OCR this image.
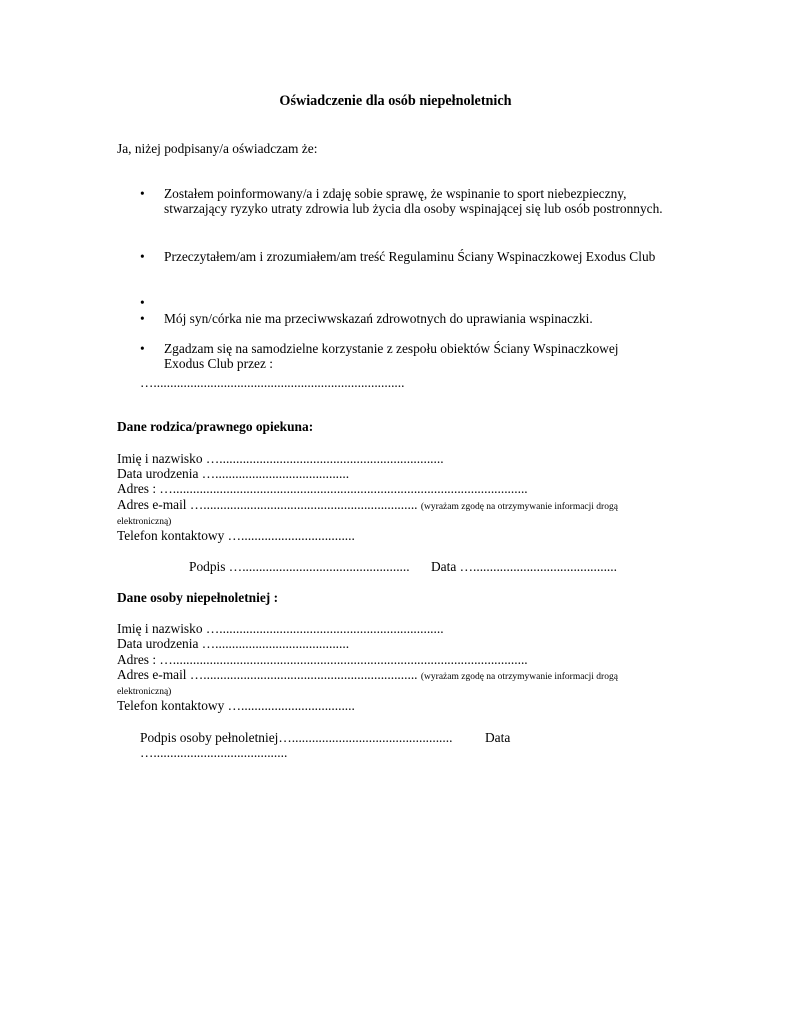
Oświadczenie dla osób niepełnoletnich
Ja, niżej podpisany/a oświadczam że:
• Zostałem poinformowany/a i zdaję sobie sprawę, że wspinanie to sport niebezpieczny, stwarzający ryzyko utraty zdrowia lub życia dla osoby wspinającej się lub osób postronnych.
• Przeczytałem/am i zrozumiałem/am treść Regulaminu Ściany Wspinaczkowej Exodus Club
•
• Mój syn/córka nie ma przeciwwskazań zdrowotnych do uprawiania wspinaczki.
• Zgadzam się na samodzielne korzystanie z zespołu obiektów Ściany Wspinaczkowej Exodus Club przez :
…...........................................................................
Dane rodzica/prawnego opiekuna:
Imię i nazwisko …...................................................................
Data urodzenia …........................................
Adres : …..........................................................................................................
Adres e-mail …................................................................ (wyrażam zgodę na otrzymywanie informacji drogą
elektroniczną)
Telefon kontaktowy …..................................
Podpis ….................................................. Data …...........................................
Dane osoby niepełnoletniej :
Imię i nazwisko …...................................................................
Data urodzenia …........................................
Adres : …..........................................................................................................
Adres e-mail …................................................................ (wyrażam zgodę na otrzymywanie informacji drogą
elektroniczną)
Telefon kontaktowy …..................................
Podpis osoby pełnoletniej…................................................ Data
…........................................
